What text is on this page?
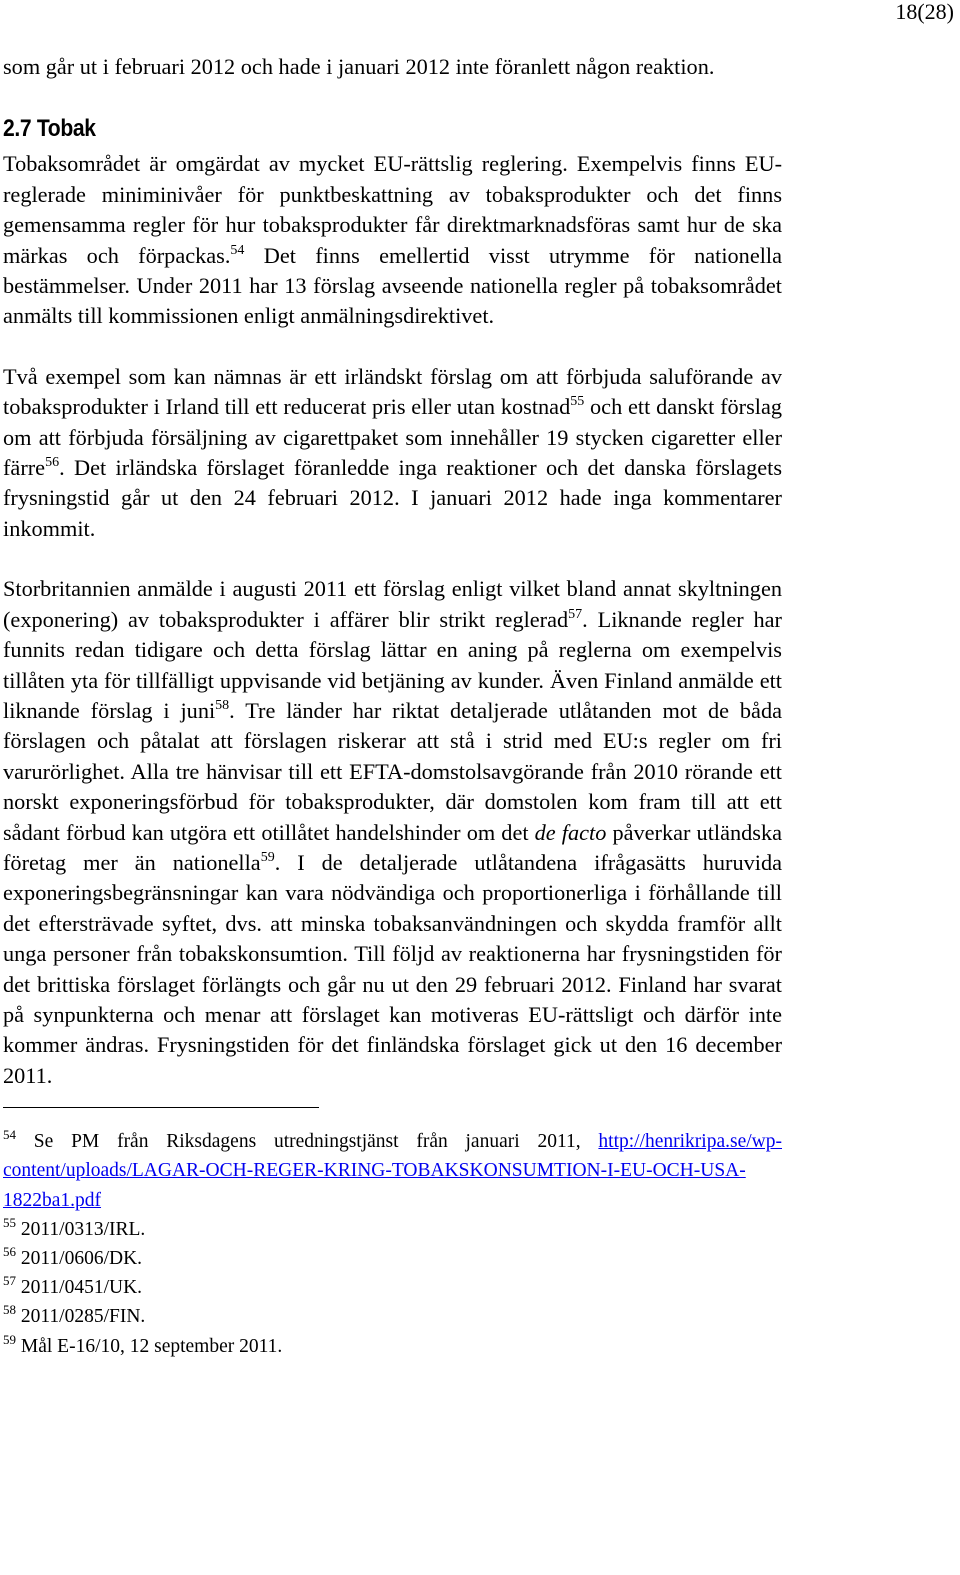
18(28)

som går ut i februari 2012 och hade i januari 2012 inte föranlett någon reaktion.

2.7 Tobak

Tobaksområdet är omgärdat av mycket EU-rättslig reglering. Exempelvis finns EU-reglerade miniminivåer för punktbeskattning av tobaksprodukter och det finns gemensamma regler för hur tobaksprodukter får direktmarknadsföras samt hur de ska märkas och förpackas.$^{54}$ Det finns emellertid visst utrymme för nationella bestämmelser. Under 2011 har 13 förslag avseende nationella regler på tobaksområdet anmälts till kommissionen enligt anmälningsdirektivet.

Två exempel som kan nämnas är ett irländskt förslag om att förbjuda saluförande av tobaksprodukter i Irland till ett reducerat pris eller utan kostnad$^{55}$ och ett danskt förslag om att förbjuda försäljning av cigarettpaket som innehåller 19 stycken cigaretter eller färre$^{56}$. Det irländska förslaget föranledde inga reaktioner och det danska förslagets frysningstid går ut den 24 februari 2012. I januari 2012 hade inga kommentarer inkommit.

Storbritannien anmälde i augusti 2011 ett förslag enligt vilket bland annat skyltningen (exponering) av tobaksprodukter i affärer blir strikt reglerad$^{57}$. Liknande regler har funnits redan tidigare och detta förslag lättar en aning på reglerna om exempelvis tillåten yta för tillfälligt uppvisande vid betjäning av kunder. Även Finland anmälde ett liknande förslag i juni$^{58}$. Tre länder har riktat detaljerade utlåtanden mot de båda förslagen och påtalat att förslagen riskerar att stå i strid med EU:s regler om fri varurörlighet. Alla tre hänvisar till ett EFTA-domstolsavgörande från 2010 rörande ett norskt exponeringsförbud för tobaksprodukter, där domstolen kom fram till att ett sådant förbud kan utgöra ett otillåtet handelshinder om det de facto påverkar utländska företag mer än nationella$^{59}$. I de detaljerade utlåtandena ifrågasätts huruvida exponeringsbegränsningar kan vara nödvändiga och proportionerliga i förhållande till det eftersträvade syftet, dvs. att minska tobaksanvändningen och skydda framför allt unga personer från tobakskonsumtion. Till följd av reaktionerna har frysningstiden för det brittiska förslaget förlängts och går nu ut den 29 februari 2012. Finland har svarat på synpunkterna och menar att förslaget kan motiveras EU-rättsligt och därför inte kommer ändras. Frysningstiden för det finländska förslaget gick ut den 16 december 2011.

$^{54}$ Se PM från Riksdagens utredningstjänst från januari 2011, http://henrikripa.se/wp-content/uploads/LAGAR-OCH-REGER-KRING-TOBAKSKONSUMTION-I-EU-OCH-USA-1822ba1.pdf
$^{55}$ 2011/0313/IRL.
$^{56}$ 2011/0606/DK.
$^{57}$ 2011/0451/UK.
$^{58}$ 2011/0285/FIN.
$^{59}$ Mål E-16/10, 12 september 2011.
